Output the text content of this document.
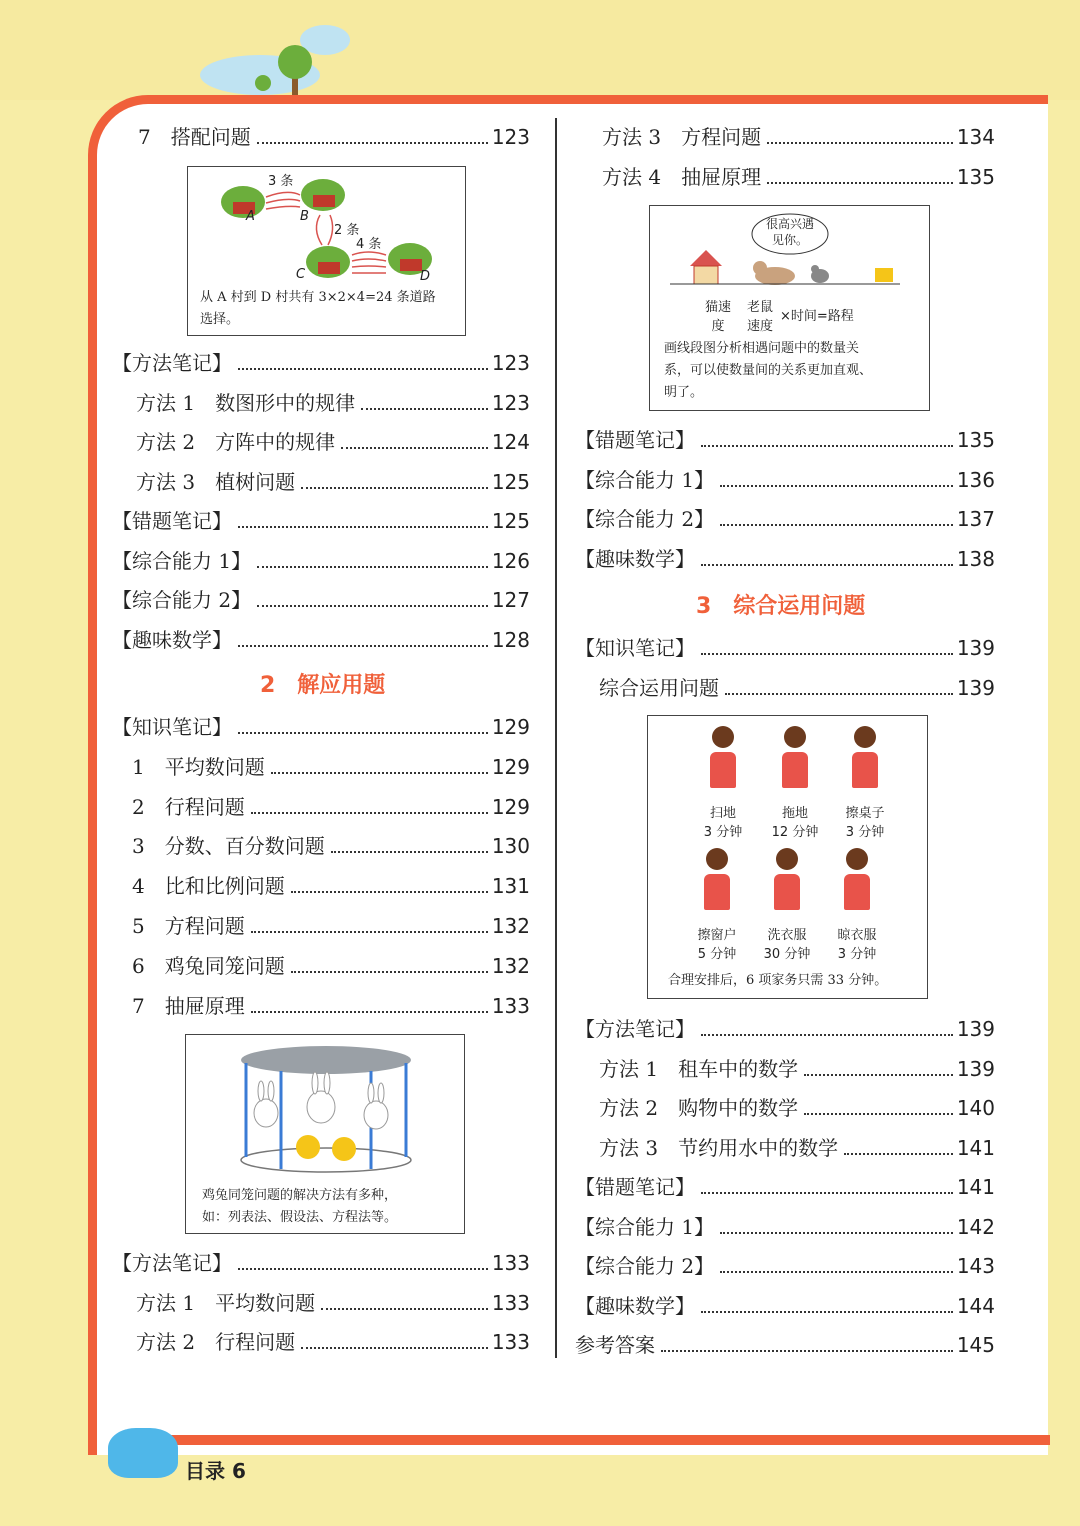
7　搭配问题	123
3 条
2 条
4 条
A	B
C	D
从 A 村到 D 村共有 3×2×4=24 条道路
选择。
【方法笔记】	123
方法 1　数图形中的规律	123
方法 2　方阵中的规律	124
方法 3　植树问题	125
【错题笔记】	125
【综合能力 1】	126
【综合能力 2】	127
【趣味数学】	128
2　解应用题
【知识笔记】	129
1　平均数问题	129
2　行程问题	129
3　分数、百分数问题	130
4　比和比例问题	131
5　方程问题	132
6　鸡兔同笼问题	132
7　抽屉原理	133
鸡兔同笼问题的解决方法有多种，
如：列表法、假设法、方程法等。
【方法笔记】	133
方法 1　平均数问题	133
方法 2　行程问题	133
方法 3　方程问题	134
方法 4　抽屉原理	135
很高兴遇见你。
猫速度
老鼠速度
×时间=路程
画线段图分析相遇问题中的数量关
系，可以使数量间的关系更加直观、
明了。
【错题笔记】	135
【综合能力 1】	136
【综合能力 2】	137
【趣味数学】	138
3　综合运用问题
【知识笔记】	139
综合运用问题	139
扫地
3 分钟
拖地
12 分钟
擦桌子
3 分钟
擦窗户
5 分钟
洗衣服
30 分钟
晾衣服
3 分钟
合理安排后，6 项家务只需 33 分钟。
【方法笔记】	139
方法 1　租车中的数学	139
方法 2　购物中的数学	140
方法 3　节约用水中的数学	141
【错题笔记】	141
【综合能力 1】	142
【综合能力 2】	143
【趣味数学】	144
参考答案	145
目录 6
